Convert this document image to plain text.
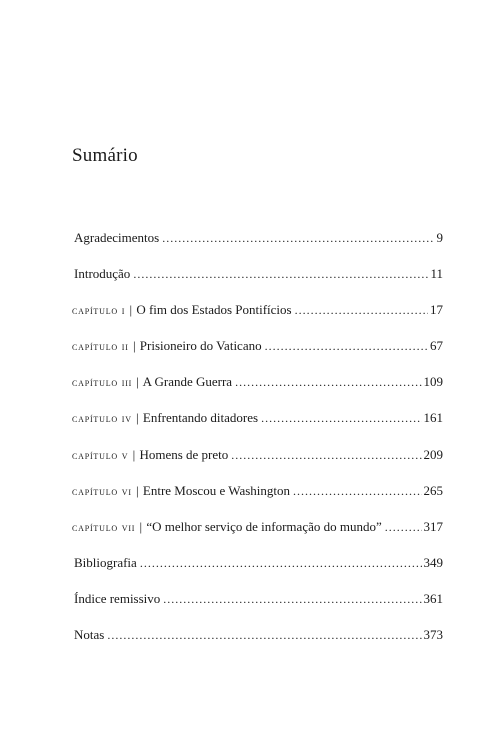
Sumário
Agradecimentos .....	9
Introdução .....	11
capítulo i | O fim dos Estados Pontifícios .....	17
capítulo ii | Prisioneiro do Vaticano .....	67
capítulo iii | A Grande Guerra .....	109
capítulo iv | Enfrentando ditadores .....	161
capítulo v | Homens de preto .....	209
capítulo vi | Entre Moscou e Washington .....	265
capítulo vii | “O melhor serviço de informação do mundo” .....	317
Bibliografia .....	349
Índice remissivo .....	361
Notas .....	373
